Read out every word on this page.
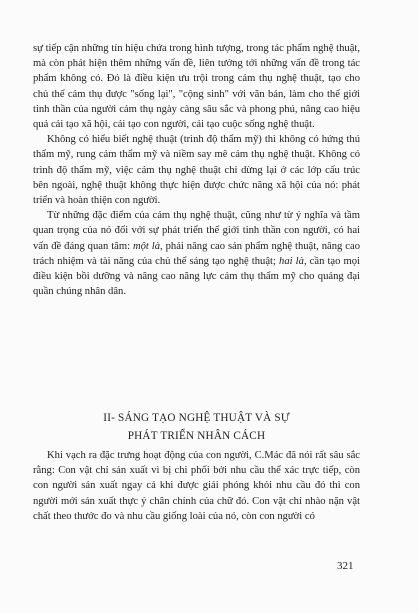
sự tiếp cận những tín hiệu chứa trong hình tượng, trong tác phẩm nghệ thuật, mà còn phát hiện thêm những vấn đề, liên tưởng tới những vấn đề trong tác phẩm không có. Đó là điều kiện ưu trội trong cảm thụ nghệ thuật, tạo cho chủ thể cảm thụ được "sống lại", "cộng sinh" với văn bản, làm cho thế giới tinh thần của người cảm thụ ngày càng sâu sắc và phong phú, nâng cao hiệu quả cải tạo xã hội, cải tạo con người, cải tạo cuộc sống nghệ thuật.

Không có hiểu biết nghệ thuật (trình độ thẩm mỹ) thì không có hứng thú thẩm mỹ, rung cảm thẩm mỹ và niềm say mê cảm thụ nghệ thuật. Không có trình độ thẩm mỹ, việc cảm thụ nghệ thuật chỉ dừng lại ở các lớp cấu trúc bên ngoài, nghệ thuật không thực hiện được chức năng xã hội của nó: phát triển và hoàn thiện con người.

Từ những đặc điểm của cảm thụ nghệ thuật, cũng như từ ý nghĩa và tầm quan trọng của nó đối với sự phát triển thế giới tinh thần con người, có hai vấn đề đáng quan tâm: một là, phải nâng cao sản phẩm nghệ thuật, nâng cao trách nhiệm và tài năng của chủ thể sáng tạo nghệ thuật; hai là, cần tạo mọi điều kiện bồi dưỡng và nâng cao năng lực cảm thụ thẩm mỹ cho quảng đại quần chúng nhân dân.

II- SÁNG TẠO NGHỆ THUẬT VÀ SỰ
PHÁT TRIỂN NHÂN CÁCH

Khi vạch ra đặc trưng hoạt động của con người, C.Mác đã nói rất sâu sắc rằng: Con vật chỉ sản xuất vì bị chi phối bởi nhu cầu thể xác trực tiếp, còn con người sản xuất ngay cả khi được giải phóng khỏi nhu cầu đó thì con người mới sản xuất thực ý chân chính của chữ đó. Con vật chỉ nhào nặn vật chất theo thước đo và nhu cầu giống loài của nó, còn con người có

321
